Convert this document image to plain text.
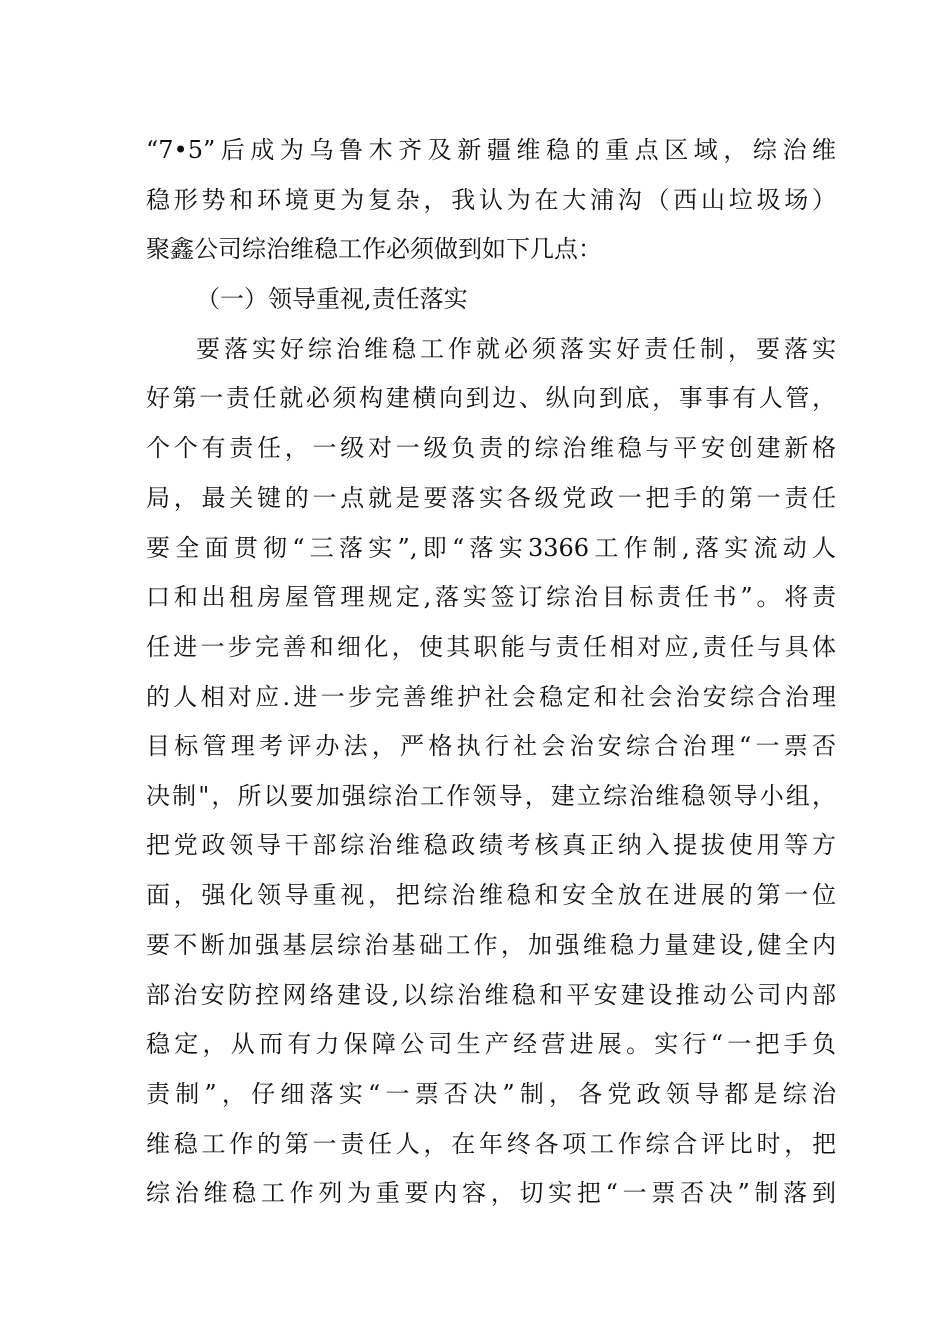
“7•5”后成为乌鲁木齐及新疆维稳的重点区域，综治维
稳形势和环境更为复杂，我认为在大浦沟（西山垃圾场）
聚鑫公司综治维稳工作必须做到如下几点：
（一）领导重视,责任落实
要落实好综治维稳工作就必须落实好责任制，要落实
好第一责任就必须构建横向到边、纵向到底，事事有人管，
个个有责任，一级对一级负责的综治维稳与平安创建新格
局，最关键的一点就是要落实各级党政一把手的第一责任
要全面贯彻“三落实”,即“落实3366工作制,落实流动人
口和出租房屋管理规定,落实签订综治目标责任书”。将责
任进一步完善和细化，使其职能与责任相对应,责任与具体
的人相对应.进一步完善维护社会稳定和社会治安综合治理
目标管理考评办法，严格执行社会治安综合治理“一票否
决制"，所以要加强综治工作领导，建立综治维稳领导小组，
把党政领导干部综治维稳政绩考核真正纳入提拔使用等方
面，强化领导重视，把综治维稳和安全放在进展的第一位
要不断加强基层综治基础工作，加强维稳力量建设,健全内
部治安防控网络建设,以综治维稳和平安建设推动公司内部
稳定，从而有力保障公司生产经营进展。实行“一把手负
责制”，仔细落实“一票否决”制，各党政领导都是综治
维稳工作的第一责任人，在年终各项工作综合评比时，把
综治维稳工作列为重要内容，切实把“一票否决”制落到
